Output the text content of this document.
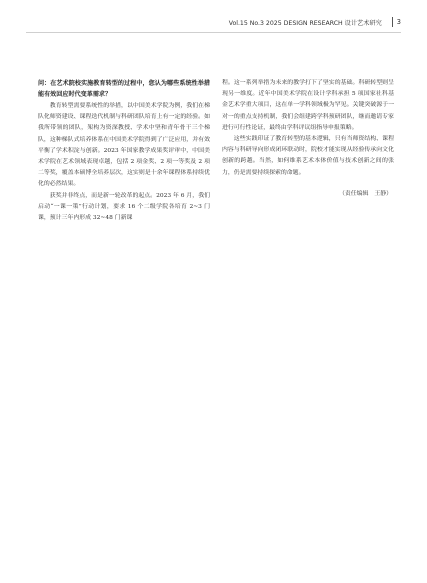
Vol.15 No.3 2025 DESIGN RESEARCH 设计艺术研究 3
问：在艺术院校实施教育转型的过程中，您认为哪些系统性举措能有效回应时代变革需求？

教育转型需要系统性的举措，以中国美术学院为例，我们在梯队化师资建设、课程迭代机制与科研团队培育上有一定的经验。如我所带领的团队，架构为资深教授、学术中坚和青年骨干三个梯队，这种梯队式培养体系在中国美术学院得到了广泛应用，并有效平衡了学术积淀与创新。2023 年国家教学成果奖评审中，中国美术学院在艺术领域表现卓越，包括 2 项金奖、2 项一等奖及 2 项二等奖，覆盖本硕博全培养层次，这实则是十余年课程体系持续优化的必然结果。

获奖并非终点，而是新一轮改革的起点。2023 年 6 月，我们启动“一课一策”行动计划，要求 16 个二级学院各培育 2~3 门课，预计三年内形成 32~48 门新课

程。这一系列举措为未来的教学打下了坚实的基础。科研转型则呈现另一维度。近年中国美术学院在设计学科承担 5 项国家社科基金艺术学重大项目，这在单一学科领域极为罕见。关键突破源于一对一的重点支持机制，我们会组建跨学科预研团队，继而邀请专家进行可行性论证，最终由学科评议组指导申报策略。

这些实践印证了教育转型的基本逻辑，只有当师资结构、课程内容与科研导向形成闭环联动时，院校才能实现从经验传承向文化创新的跨越。当然，如何维系艺术本体价值与技术创新之间的张力，仍是需要持续探索的命题。

（责任编辑　王静）
